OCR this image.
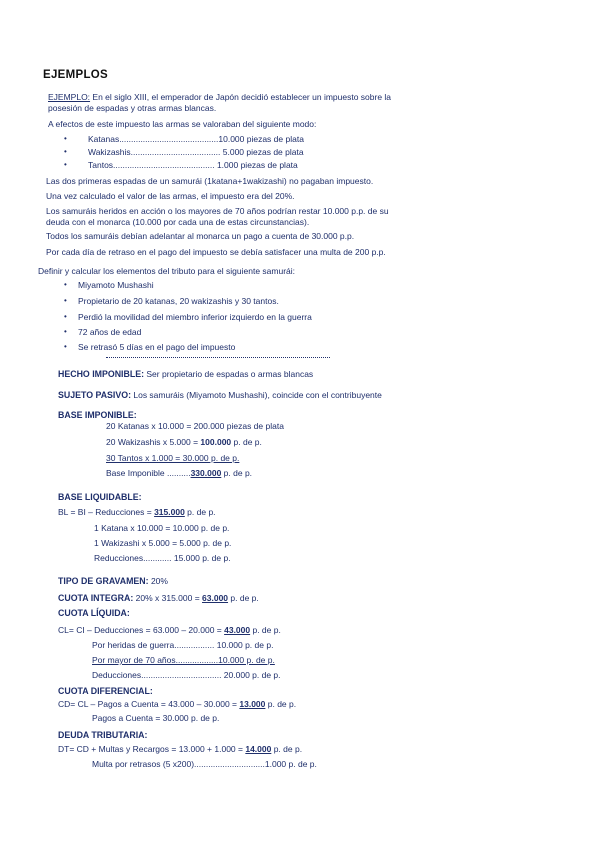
EJEMPLOS
EJEMPLO: En el siglo XIII, el emperador de Japón decidió establecer un impuesto sobre la
posesión de espadas y otras armas blancas.
A efectos de este impuesto las armas se valoraban del siguiente modo:
• Katanas..........................................10.000 piezas de plata
• Wakizashis...................................... 5.000 piezas de plata
• Tantos........................................... 1.000 piezas de plata
Las dos primeras espadas de un samurái (1katana+1wakizashi) no pagaban impuesto.
Una vez calculado el valor de las armas, el impuesto era del 20%.
Los samuráis heridos en acción o los mayores de 70 años podrían restar 10.000 p.p. de su
deuda con el monarca (10.000 por cada una de estas circunstancias).
Todos los samuráis debían adelantar al monarca un pago a cuenta de 30.000 p.p.
Por cada día de retraso en el pago del impuesto se debía satisfacer una multa de 200 p.p.
Definir y calcular los elementos del tributo para el siguiente samurái:
• Miyamoto Mushashi
• Propietario de 20 katanas, 20 wakizashis y 30 tantos.
• Perdió la movilidad del miembro inferior izquierdo en la guerra
• 72 años de edad
• Se retrasó 5 días en el pago del impuesto
HECHO IMPONIBLE: Ser propietario de espadas o armas blancas
SUJETO PASIVO: Los samuráis (Miyamoto Mushashi), coincide con el contribuyente
BASE IMPONIBLE:
20 Katanas x 10.000 = 200.000 piezas de plata
20 Wakizashis x 5.000 = 100.000 p. de p.
30 Tantos x 1.000 = 30.000 p. de p.
Base Imponible ..........330.000 p. de p.
BASE LIQUIDABLE:
BL = BI – Reducciones = 315.000 p. de p.
1 Katana x 10.000 = 10.000 p. de p.
1 Wakizashi x 5.000 = 5.000 p. de p.
Reducciones............ 15.000 p. de p.
TIPO DE GRAVAMEN: 20%
CUOTA INTEGRA: 20% x 315.000 = 63.000 p. de p.
CUOTA LÍQUIDA:
CL= CI – Deducciones = 63.000 – 20.000 = 43.000 p. de p.
Por heridas de guerra................. 10.000 p. de p.
Por mayor de 70 años..................10.000 p. de p.
Deducciones.................................. 20.000 p. de p.
CUOTA DIFERENCIAL:
CD= CL – Pagos a Cuenta = 43.000 – 30.000 = 13.000 p. de p.
Pagos a Cuenta = 30.000 p. de p.
DEUDA TRIBUTARIA:
DT= CD + Multas y Recargos = 13.000 + 1.000 = 14.000 p. de p.
Multa por retrasos (5 x200)..............................1.000 p. de p.
